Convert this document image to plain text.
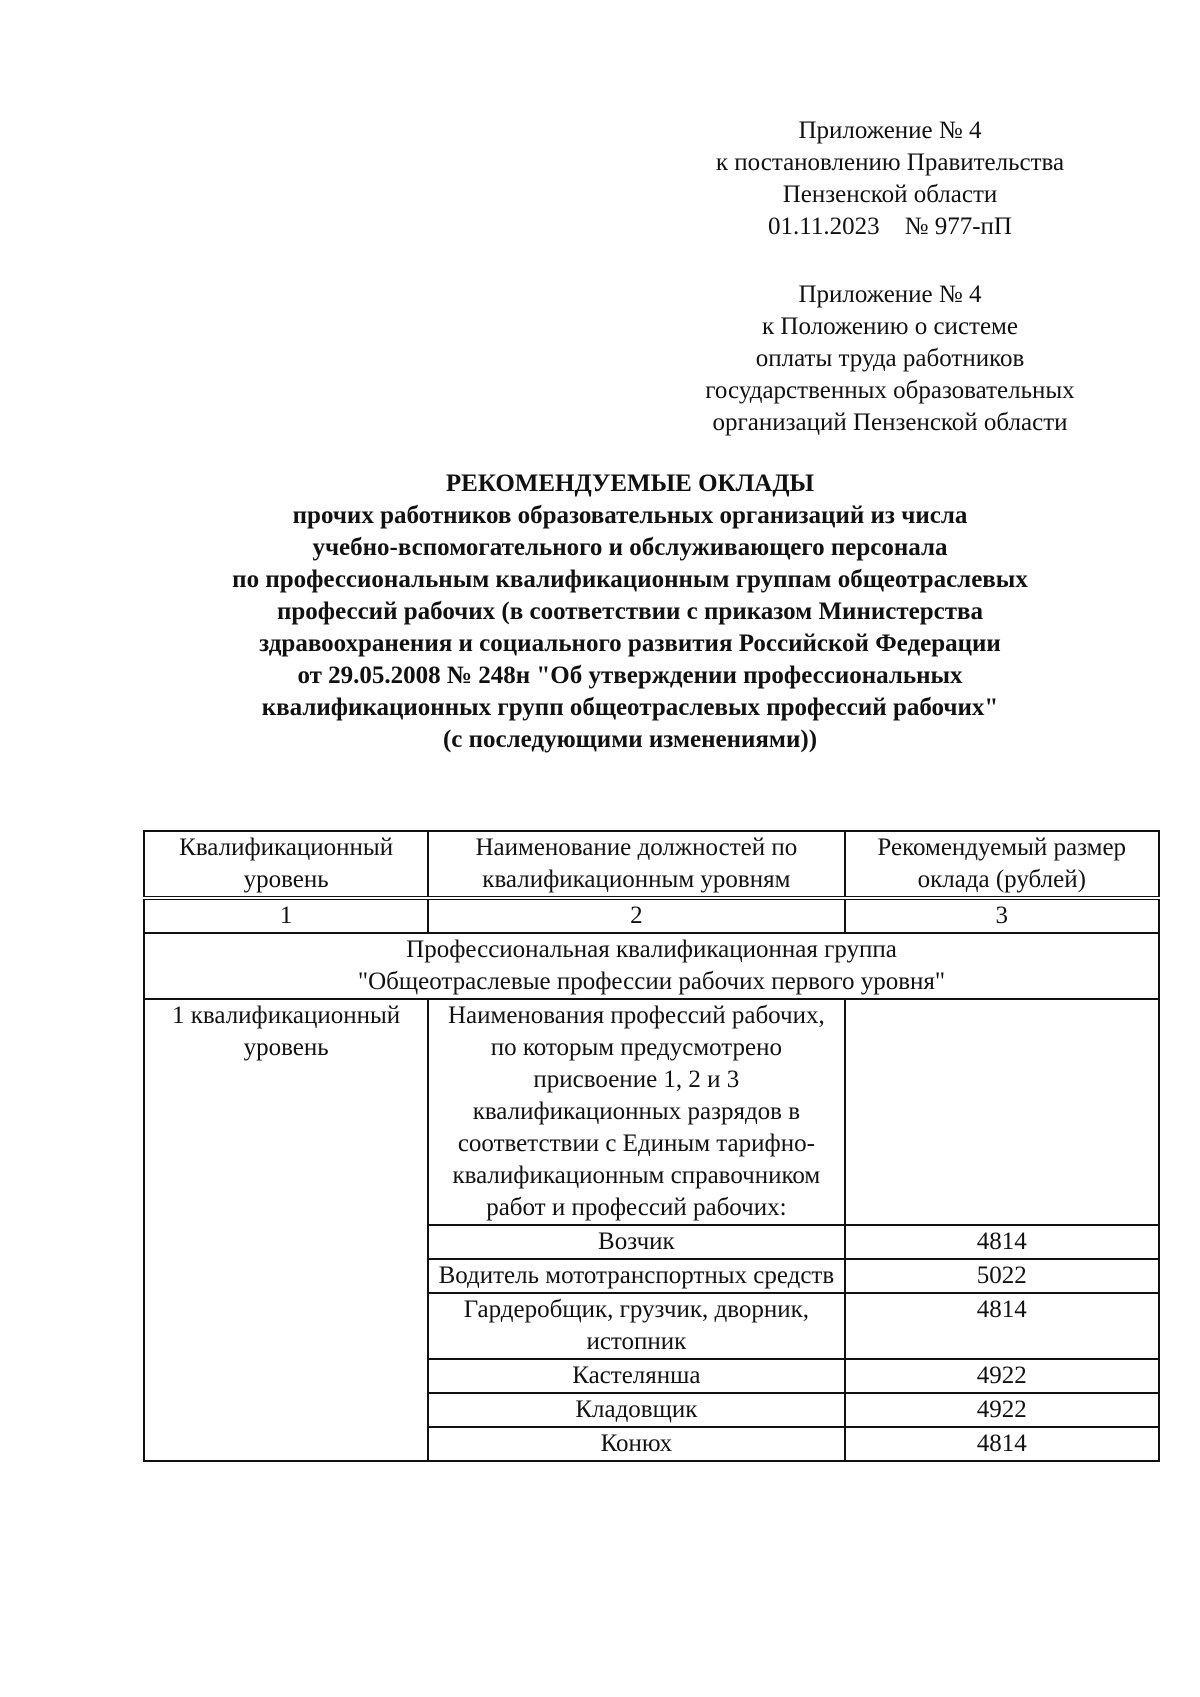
Приложение № 4

к постановлению Правительства

Пензенской области

01.11.2023    № 977-пП

Приложение № 4

к Положению о системе

оплаты труда работников

государственных образовательных

организаций Пензенской области

РЕКОМЕНДУЕМЫЕ ОКЛАДЫ

прочих работников образовательных организаций из числа

учебно-вспомогательного и обслуживающего персонала

по профессиональным квалификационным группам общеотраслевых

профессий рабочих (в соответствии с приказом Министерства

здравоохранения и социального развития Российской Федерации

от 29.05.2008 № 248н "Об утверждении профессиональных

квалификационных групп общеотраслевых профессий рабочих"

(с последующими изменениями))

Квалификационный уровень	Наименование должностей по квалификационным уровням	Рекомендуемый размер оклада (рублей)
1	2	3

Профессиональная квалификационная группа
"Общеотраслевые профессии рабочих первого уровня"		

1 квалификационный уровень	Наименования профессий рабочих, по которым предусмотрено присвоение 1, 2 и 3 квалификационных разрядов в соответствии с Единым тарифно-квалификационным справочником работ и профессий рабочих:	
	Возчик	4814
	Водитель мототранспортных средств	5022
	Гардеробщик, грузчик, дворник, истопник	4814
	Кастелянша	4922
	Кладовщик	4922
	Конюх	4814
